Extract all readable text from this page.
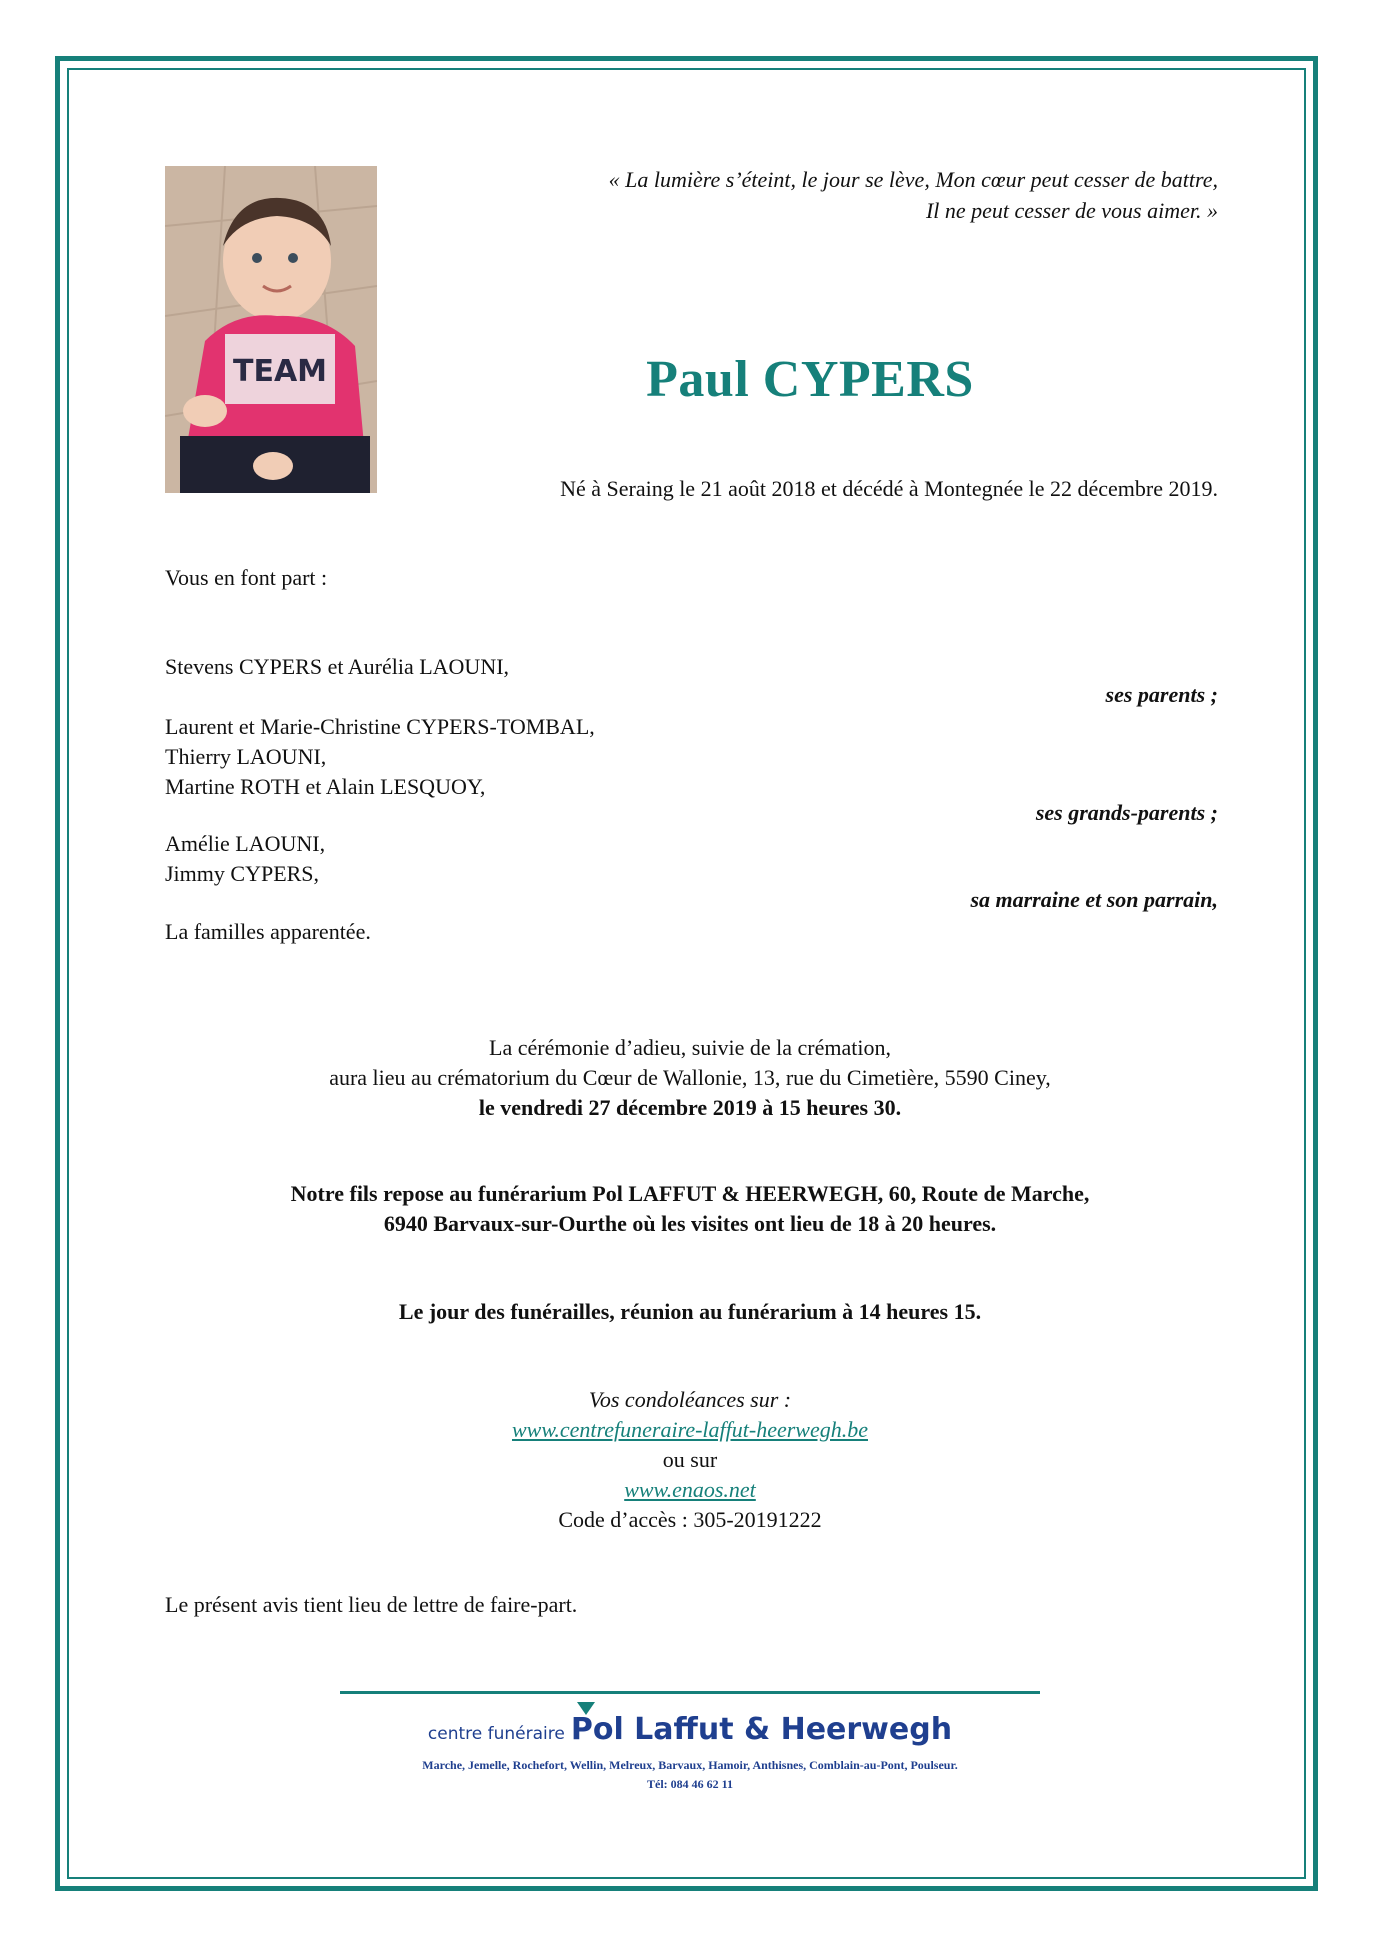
TEAM
« La lumière s’éteint, le jour se lève, Mon cœur peut cesser de battre,
Il ne peut cesser de vous aimer. »
Paul CYPERS
Né à Seraing le 21 août 2018 et décédé à Montegnée le 22 décembre 2019.
Vous en font part :
Stevens CYPERS et Aurélia LAOUNI,
ses parents ;
Laurent et Marie-Christine CYPERS-TOMBAL,
Thierry LAOUNI,
Martine ROTH et Alain LESQUOY,
ses grands-parents ;
Amélie LAOUNI,
Jimmy CYPERS,
sa marraine et son parrain,
La familles apparentée.
La cérémonie d’adieu, suivie de la crémation,
aura lieu au crématorium du Cœur de Wallonie, 13, rue du Cimetière, 5590 Ciney,
le vendredi 27 décembre 2019 à 15 heures 30.
Notre fils repose au funérarium Pol LAFFUT & HEERWEGH, 60, Route de Marche,
6940 Barvaux-sur-Ourthe où les visites ont lieu de 18 à 20 heures.
Le jour des funérailles, réunion au funérarium à 14 heures 15.
Vos condoléances sur :
www.centrefuneraire-laffut-heerwegh.be
ou sur
www.enaos.net
Code d’accès : 305-20191222
Le présent avis tient lieu de lettre de faire-part.
centre funéraire Pol Laffut & Heerwegh
Marche, Jemelle, Rochefort, Wellin, Melreux, Barvaux, Hamoir, Anthisnes, Comblain-au-Pont, Poulseur.
Tél: 084 46 62 11
